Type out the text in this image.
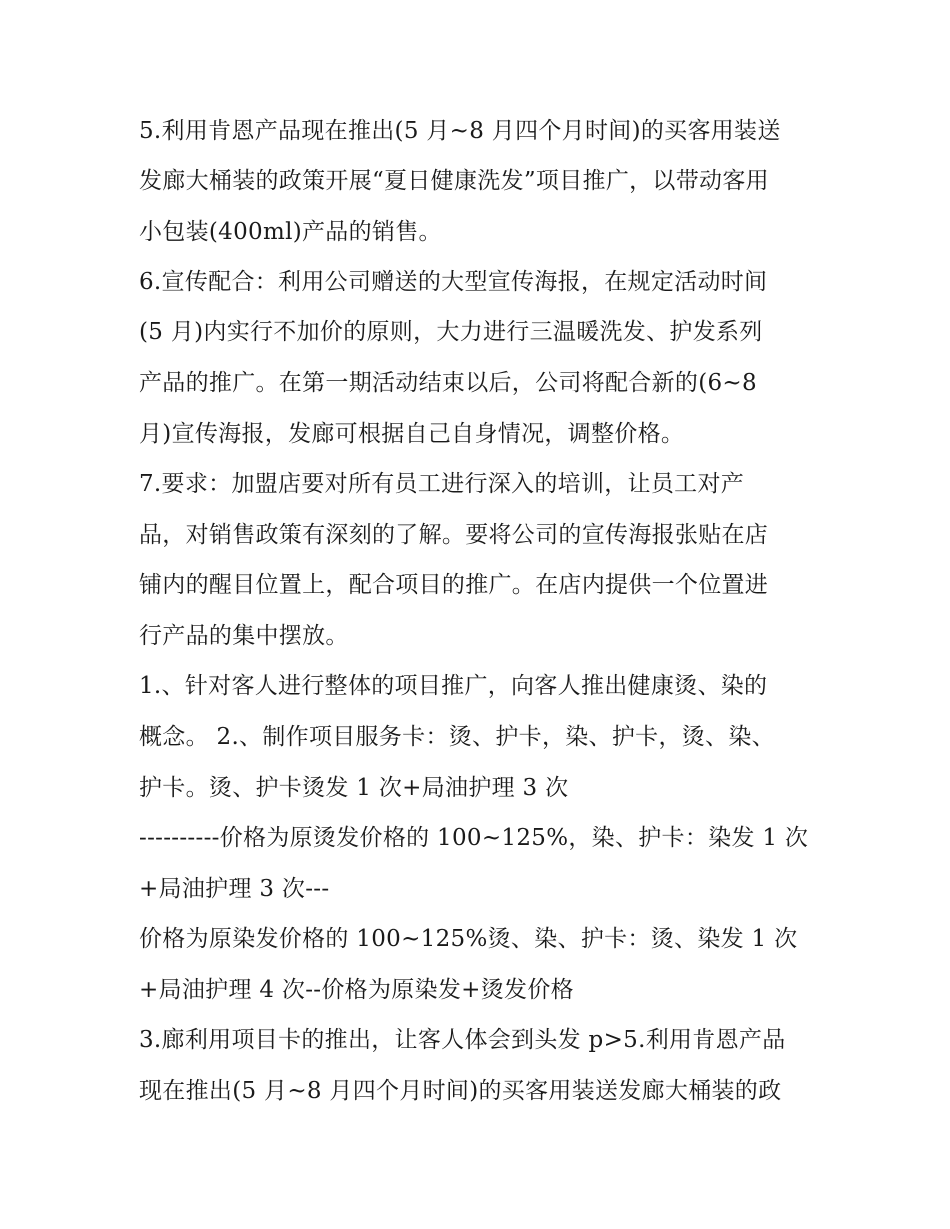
5.利用肯恩产品现在推出(5 月~8 月四个月时间)的买客用装送
发廊大桶装的政策开展“夏日健康洗发”项目推广，以带动客用
小包装(400ml)产品的销售。
6.宣传配合：利用公司赠送的大型宣传海报，在规定活动时间
(5 月)内实行不加价的原则，大力进行三温暖洗发、护发系列
产品的推广。在第一期活动结束以后，公司将配合新的(6~8
月)宣传海报，发廊可根据自己自身情况，调整价格。
7.要求：加盟店要对所有员工进行深入的培训，让员工对产
品，对销售政策有深刻的了解。要将公司的宣传海报张贴在店
铺内的醒目位置上，配合项目的推广。在店内提供一个位置进
行产品的集中摆放。
1.、针对客人进行整体的项目推广，向客人推出健康烫、染的
概念。 2.、制作项目服务卡：烫、护卡，染、护卡，烫、染、
护卡。烫、护卡烫发 1 次+局油护理 3 次
----------价格为原烫发价格的 100~125%，染、护卡：染发 1 次
+局油护理 3 次---
价格为原染发价格的 100~125%烫、染、护卡：烫、染发 1 次
+局油护理 4 次--价格为原染发+烫发价格
3.廊利用项目卡的推出，让客人体会到头发 p>5.利用肯恩产品
现在推出(5 月~8 月四个月时间)的买客用装送发廊大桶装的政
